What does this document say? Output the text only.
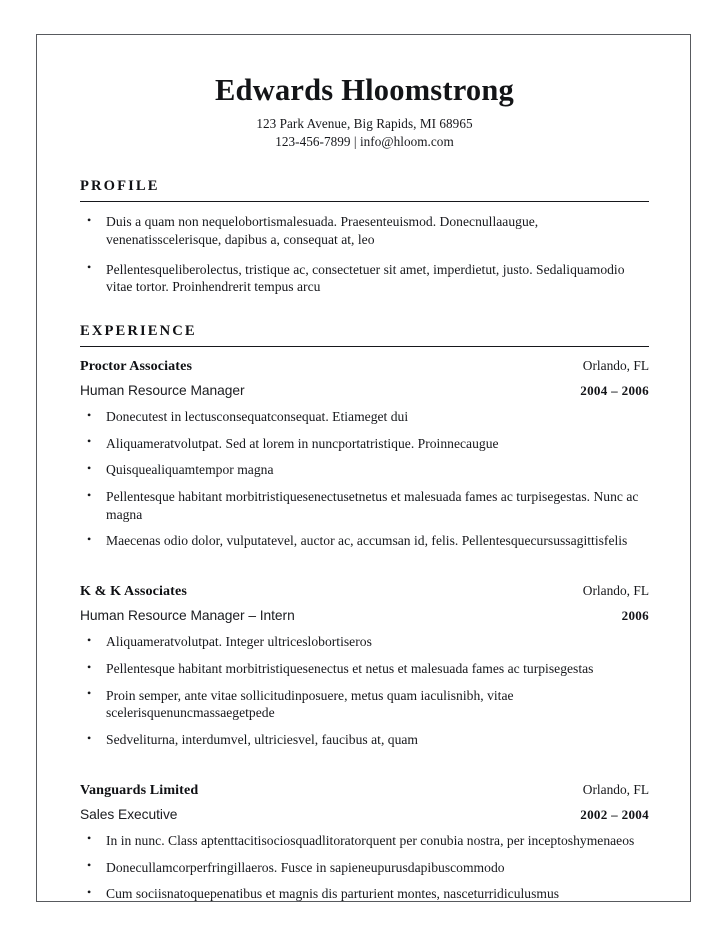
Edwards Hloomstrong
123 Park Avenue, Big Rapids, MI 68965
123-456-7899 | info@hloom.com
PROFILE
• Duis a quam non nequelobortismalesuada. Praesenteuismod. Donecnullaaugue, venenatisscelerisque, dapibus a, consequat at, leo
• Pellentesqueliberolectus, tristique ac, consectetuer sit amet, imperdietut, justo. Sedaliquamodio vitae tortor. Proinhendrerit tempus arcu
EXPERIENCE
Proctor Associates	Orlando, FL
Human Resource Manager	2004 – 2006
• Donecutest in lectusconsequatconsequat. Etiameget dui
• Aliquameratvolutpat. Sed at lorem in nuncportatristique. Proinnecaugue
• Quisquealiquamtempor magna
• Pellentesque habitant morbitristiquesenectusetnetus et malesuada fames ac turpisegestas. Nunc ac magna
• Maecenas odio dolor, vulputatevel, auctor ac, accumsan id, felis. Pellentesquecursussagittisfelis
K & K Associates	Orlando, FL
Human Resource Manager – Intern	2006
• Aliquameratvolutpat. Integer ultriceslobortiseros
• Pellentesque habitant morbitristiquesenectus et netus et malesuada fames ac turpisegestas
• Proin semper, ante vitae sollicitudinposuere, metus quam iaculisnibh, vitae scelerisquenuncmassaegetpede
• Sedveliturna, interdumvel, ultriciesvel, faucibus at, quam
Vanguards Limited	Orlando, FL
Sales Executive	2002 – 2004
• In in nunc. Class aptenttacitisociosquadlitoratorquent per conubia nostra, per inceptoshymenaeos
• Donecullamcorperfringillaeros. Fusce in sapieneupurusdapibuscommodo
• Cum sociisnatoquepenatibus et magnis dis parturient montes, nasceturridiculusmus
